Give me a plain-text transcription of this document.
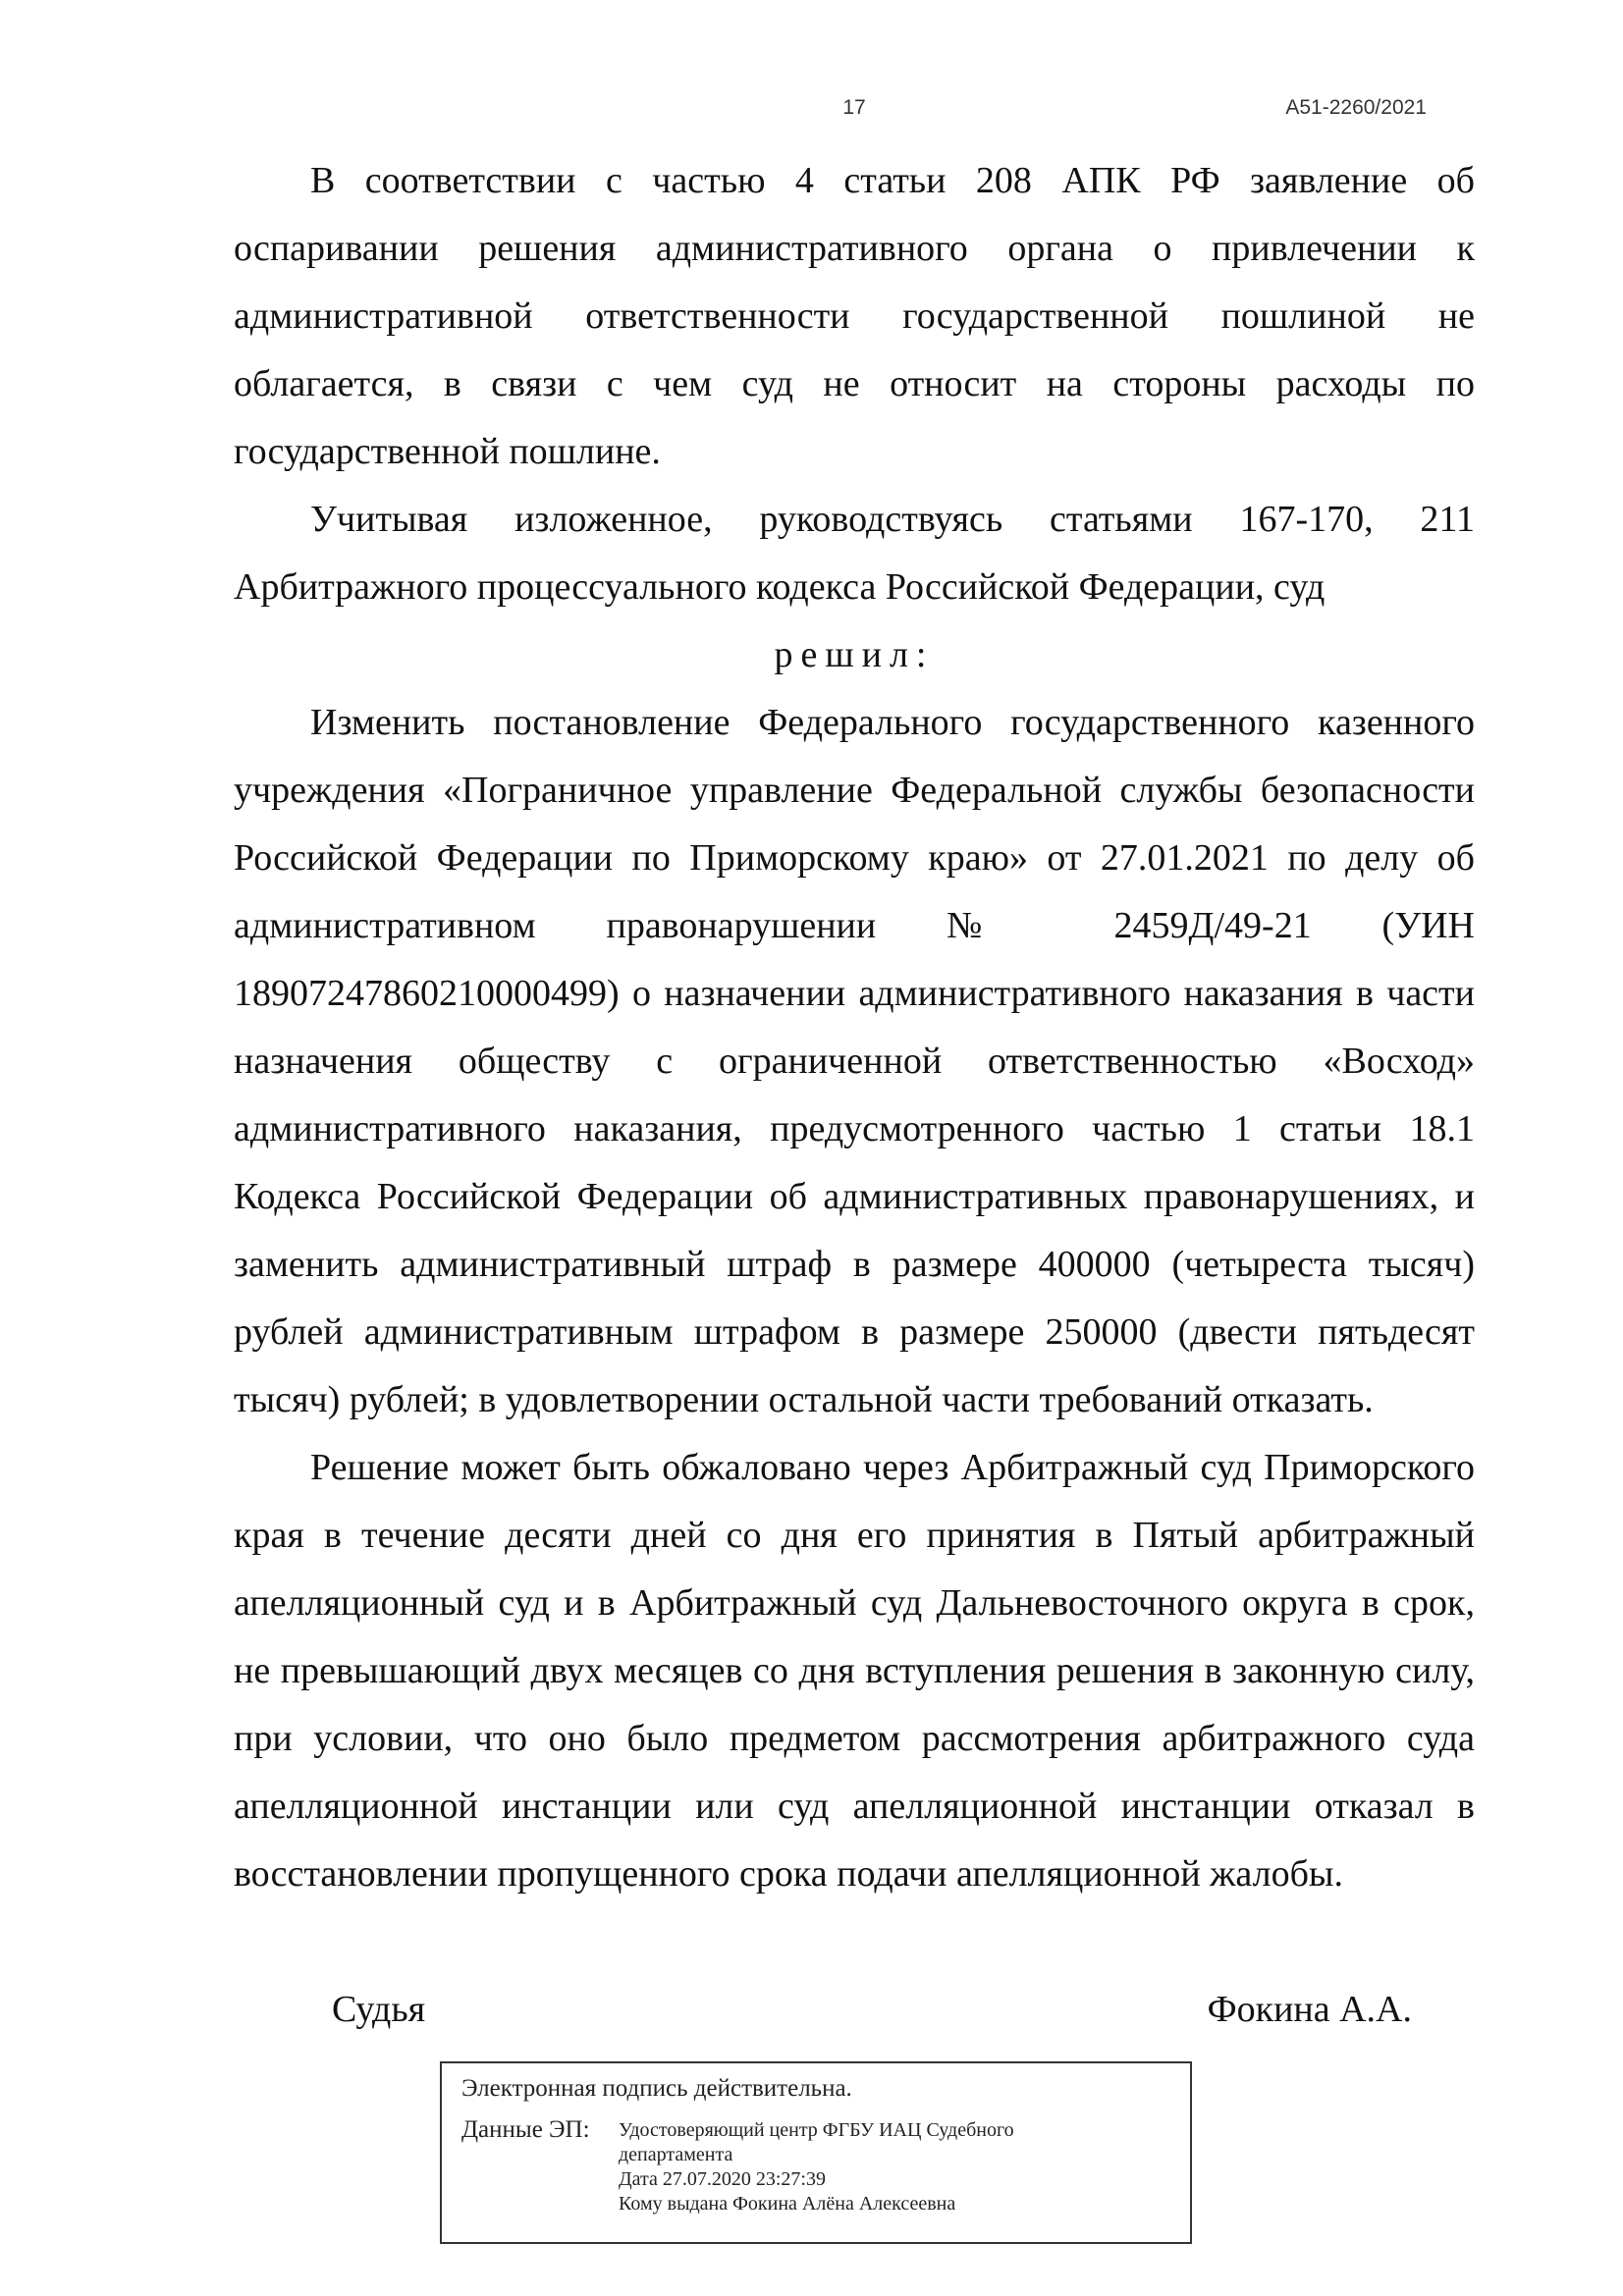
17	А51-2260/2021

В соответствии с частью 4 статьи 208 АПК РФ заявление об оспаривании решения административного органа о привлечении к административной ответственности государственной пошлиной не облагается, в связи с чем суд не относит на стороны расходы по государственной пошлине.

Учитывая изложенное, руководствуясь статьями 167-170, 211 Арбитражного процессуального кодекса Российской Федерации, суд

решил:

Изменить постановление Федерального государственного казенного учреждения «Пограничное управление Федеральной службы безопасности Российской Федерации по Приморскому краю» от 27.01.2021 по делу об административном правонарушении № 2459Д/49-21 (УИН 18907247860210000499) о назначении административного наказания в части назначения обществу с ограниченной ответственностью «Восход» административного наказания, предусмотренного частью 1 статьи 18.1 Кодекса Российской Федерации об административных правонарушениях, и заменить административный штраф в размере 400000 (четыреста тысяч) рублей административным штрафом в размере 250000 (двести пятьдесят тысяч) рублей; в удовлетворении остальной части требований отказать.

Решение может быть обжаловано через Арбитражный суд Приморского края в течение десяти дней со дня его принятия в Пятый арбитражный апелляционный суд и в Арбитражный суд Дальневосточного округа в срок, не превышающий двух месяцев со дня вступления решения в законную силу, при условии, что оно было предметом рассмотрения арбитражного суда апелляционной инстанции или суд апелляционной инстанции отказал в восстановлении пропущенного срока подачи апелляционной жалобы.

Судья	Фокина А.А.
Электронная подпись действительна.
Данные ЭП: Удостоверяющий центр ФГБУ ИАЦ Судебного
департамента
Дата 27.07.2020 23:27:39
Кому выдана Фокина Алёна Алексеевна
